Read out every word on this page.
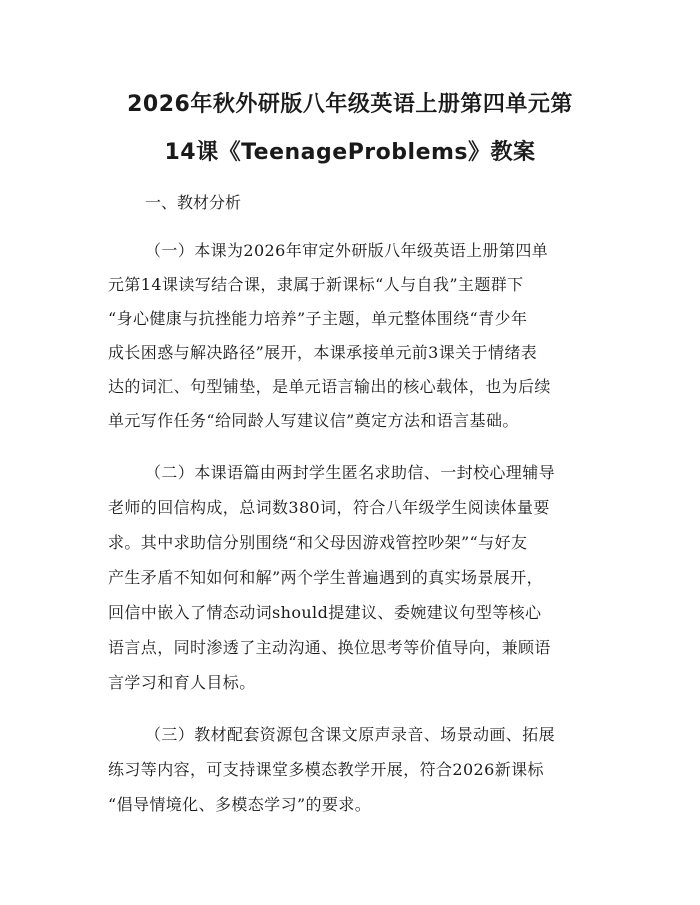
2026年秋外研版八年级英语上册第四单元第
14课《TeenageProblems》教案
一、教材分析
（一）本课为2026年审定外研版八年级英语上册第四单
元第14课读写结合课，隶属于新课标“人与自我”主题群下
“身心健康与抗挫能力培养”子主题，单元整体围绕“青少年
成长困惑与解决路径”展开，本课承接单元前3课关于情绪表
达的词汇、句型铺垫，是单元语言输出的核心载体，也为后续
单元写作任务“给同龄人写建议信”奠定方法和语言基础。
（二）本课语篇由两封学生匿名求助信、一封校心理辅导
老师的回信构成，总词数380词，符合八年级学生阅读体量要
求。其中求助信分别围绕“和父母因游戏管控吵架”“与好友
产生矛盾不知如何和解”两个学生普遍遇到的真实场景展开，
回信中嵌入了情态动词should提建议、委婉建议句型等核心
语言点，同时渗透了主动沟通、换位思考等价值导向，兼顾语
言学习和育人目标。
（三）教材配套资源包含课文原声录音、场景动画、拓展
练习等内容，可支持课堂多模态教学开展，符合2026新课标
“倡导情境化、多模态学习”的要求。
